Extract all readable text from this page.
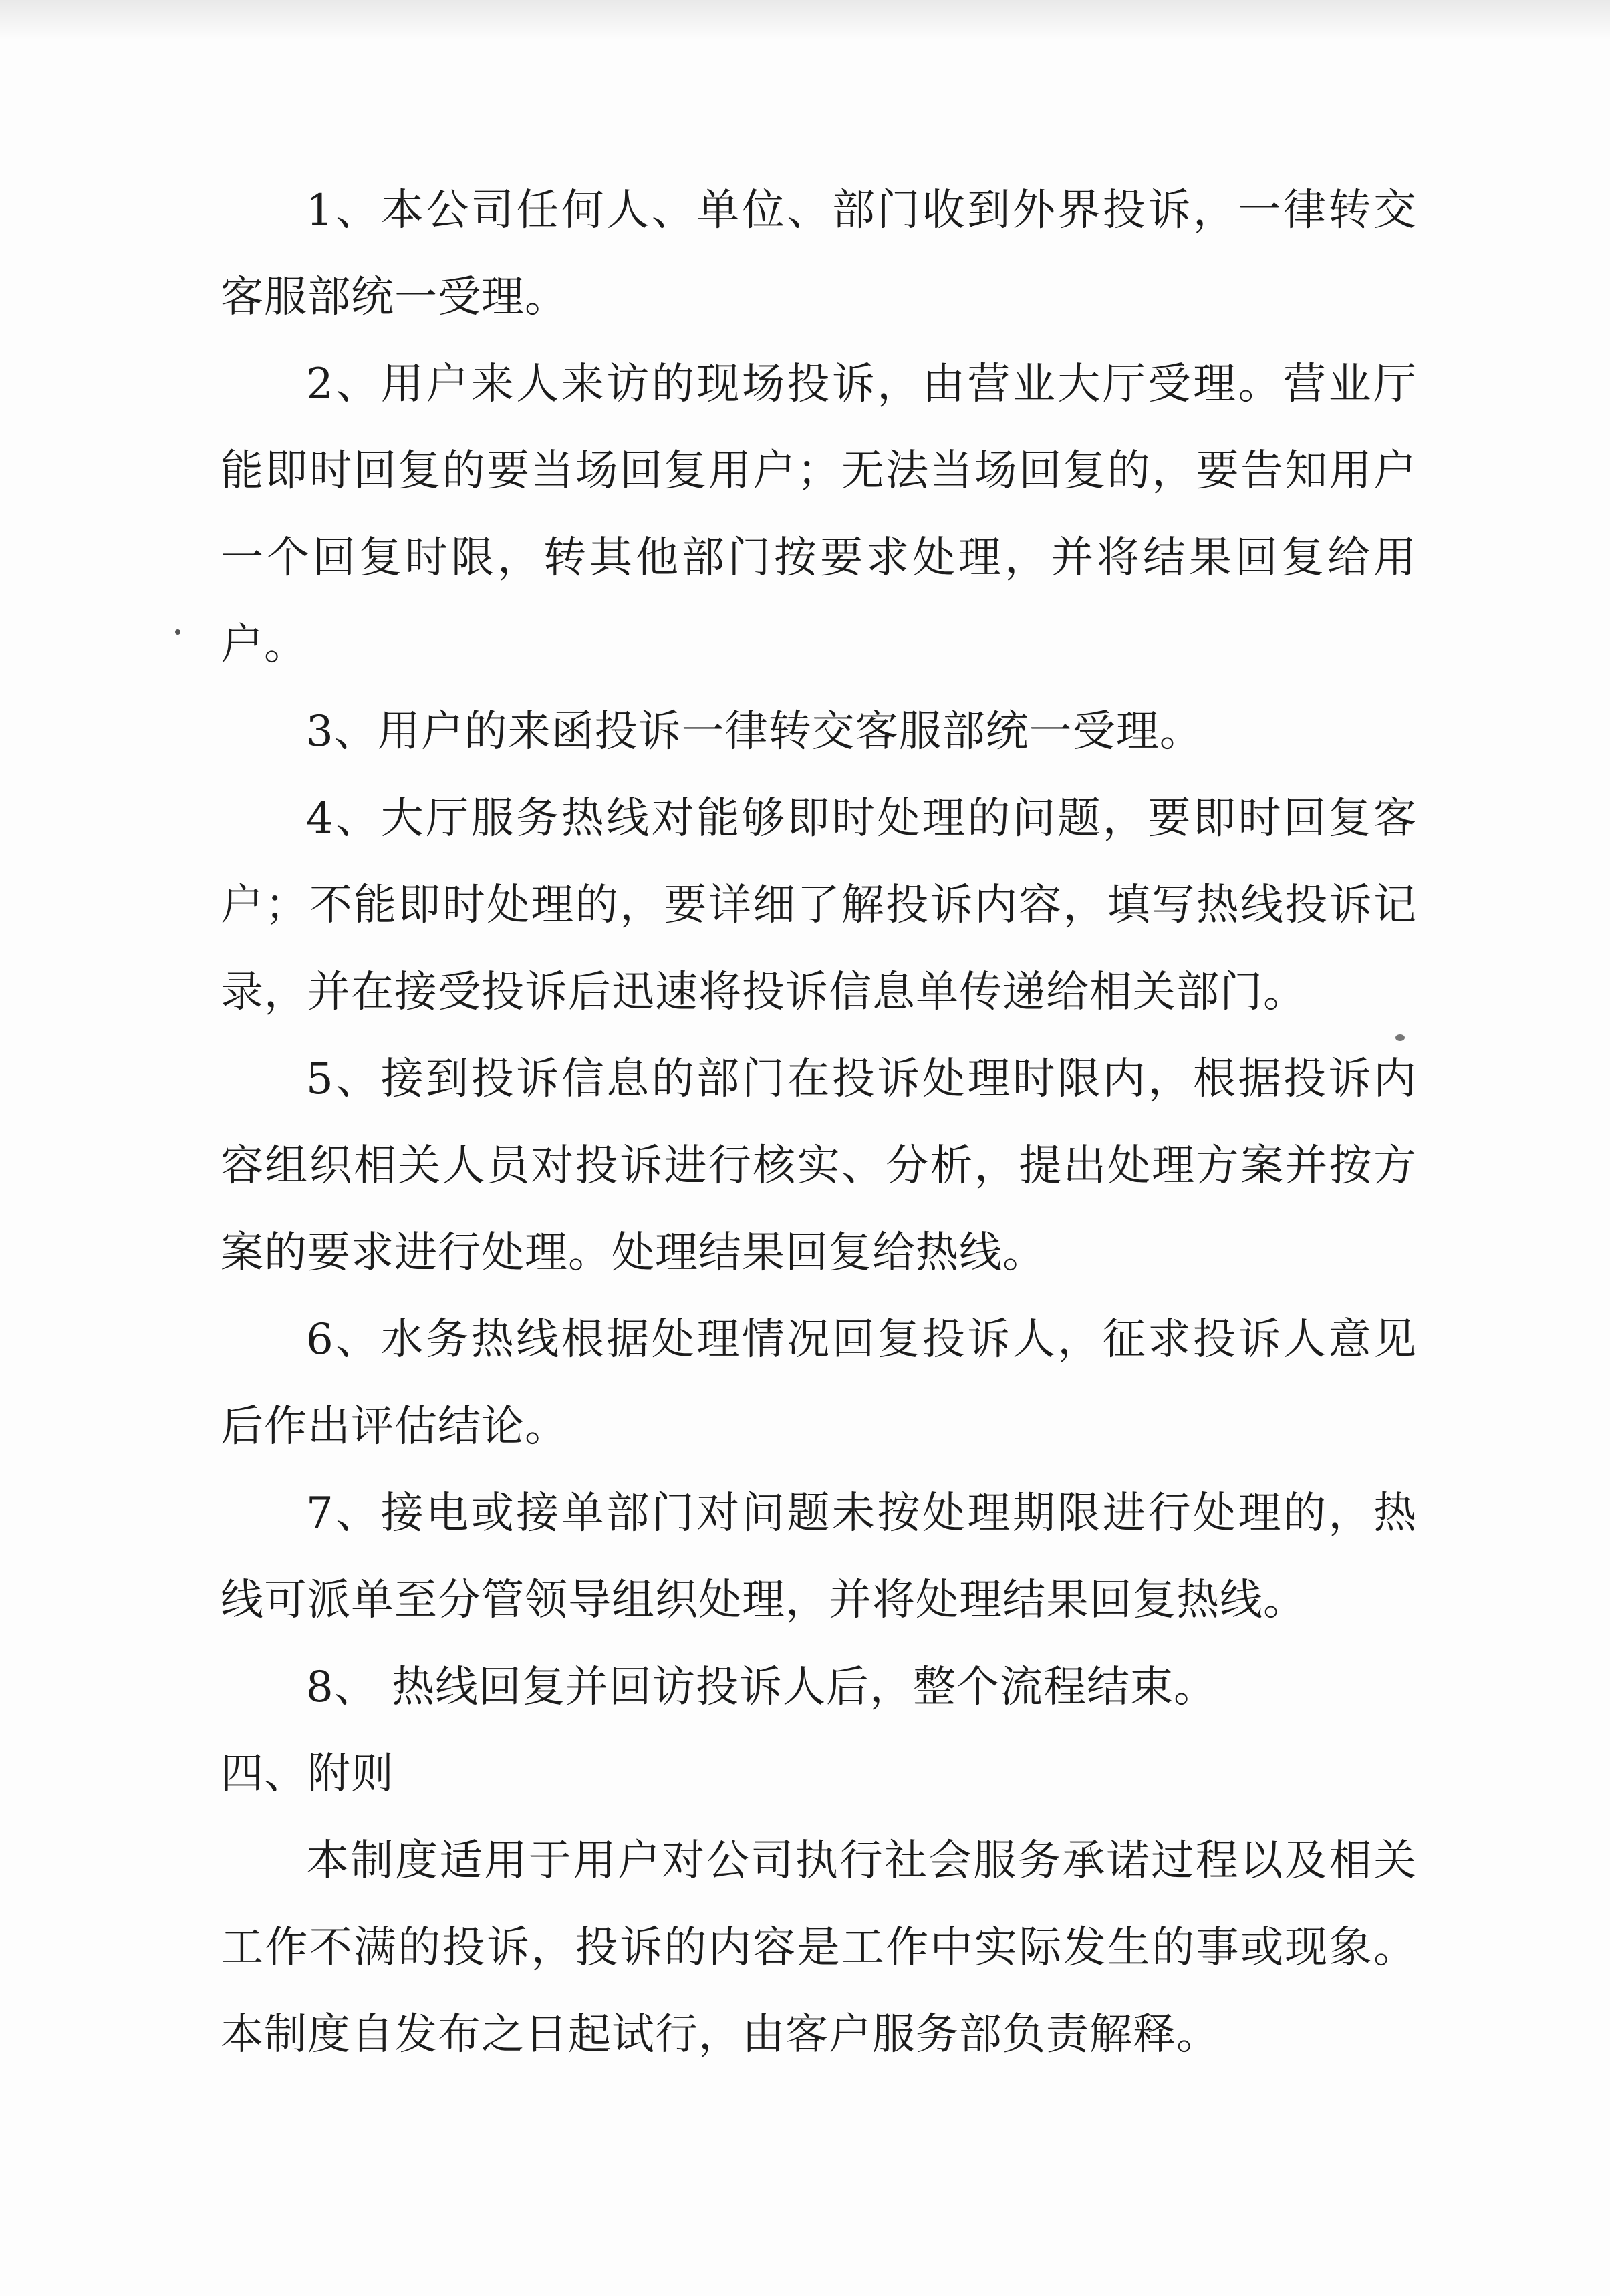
1、本公司任何人、单位、部门收到外界投诉，一律转交客服部统一受理。

2、用户来人来访的现场投诉，由营业大厅受理。营业厅能即时回复的要当场回复用户；无法当场回复的，要告知用户一个回复时限，转其他部门按要求处理，并将结果回复给用户。

3、用户的来函投诉一律转交客服部统一受理。

4、大厅服务热线对能够即时处理的问题，要即时回复客户；不能即时处理的，要详细了解投诉内容，填写热线投诉记录，并在接受投诉后迅速将投诉信息单传递给相关部门。

5、接到投诉信息的部门在投诉处理时限内，根据投诉内容组织相关人员对投诉进行核实、分析，提出处理方案并按方案的要求进行处理。处理结果回复给热线。

6、水务热线根据处理情况回复投诉人，征求投诉人意见后作出评估结论。

7、接电或接单部门对问题未按处理期限进行处理的，热线可派单至分管领导组织处理，并将处理结果回复热线。

8、 热线回复并回访投诉人后，整个流程结束。

四、附则

本制度适用于用户对公司执行社会服务承诺过程以及相关工作不满的投诉，投诉的内容是工作中实际发生的事或现象。本制度自发布之日起试行，由客户服务部负责解释。
